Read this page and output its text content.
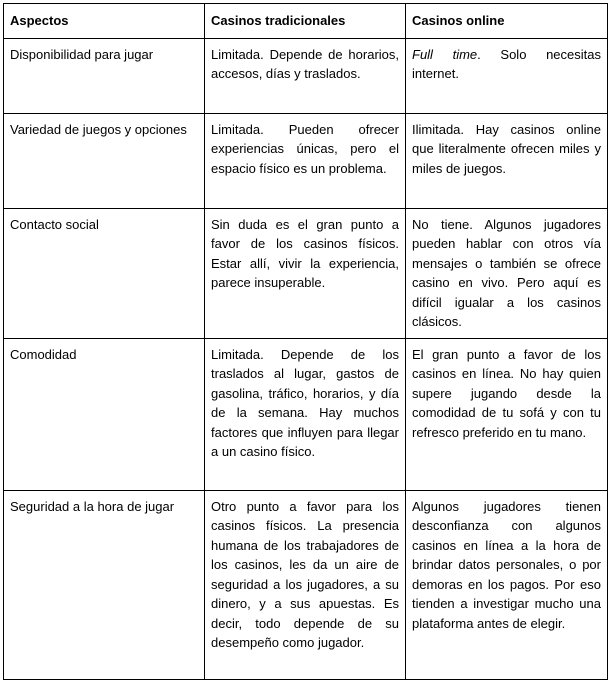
Aspectos	Casinos tradicionales	Casinos online
Disponibilidad para jugar	Limitada. Depende de horarios, accesos, días y traslados.	Full time. Solo necesitas internet.
Variedad de juegos y opciones	Limitada. Pueden ofrecer experiencias únicas, pero el espacio físico es un problema.	Ilimitada. Hay casinos online que literalmente ofrecen miles y miles de juegos.
Contacto social	Sin duda es el gran punto a favor de los casinos físicos. Estar allí, vivir la experiencia, parece insuperable.	No tiene. Algunos jugadores pueden hablar con otros vía mensajes o también se ofrece casino en vivo. Pero aquí es difícil igualar a los casinos clásicos.
Comodidad	Limitada. Depende de los traslados al lugar, gastos de gasolina, tráfico, horarios, y día de la semana. Hay muchos factores que influyen para llegar a un casino físico.	El gran punto a favor de los casinos en línea. No hay quien supere jugando desde la comodidad de tu sofá y con tu refresco preferido en tu mano.
Seguridad a la hora de jugar	Otro punto a favor para los casinos físicos. La presencia humana de los trabajadores de los casinos, les da un aire de seguridad a los jugadores, a su dinero, y a sus apuestas. Es decir, todo depende de su desempeño como jugador.	Algunos jugadores tienen desconfianza con algunos casinos en línea a la hora de brindar datos personales, o por demoras en los pagos. Por eso tienden a investigar mucho una plataforma antes de elegir.
